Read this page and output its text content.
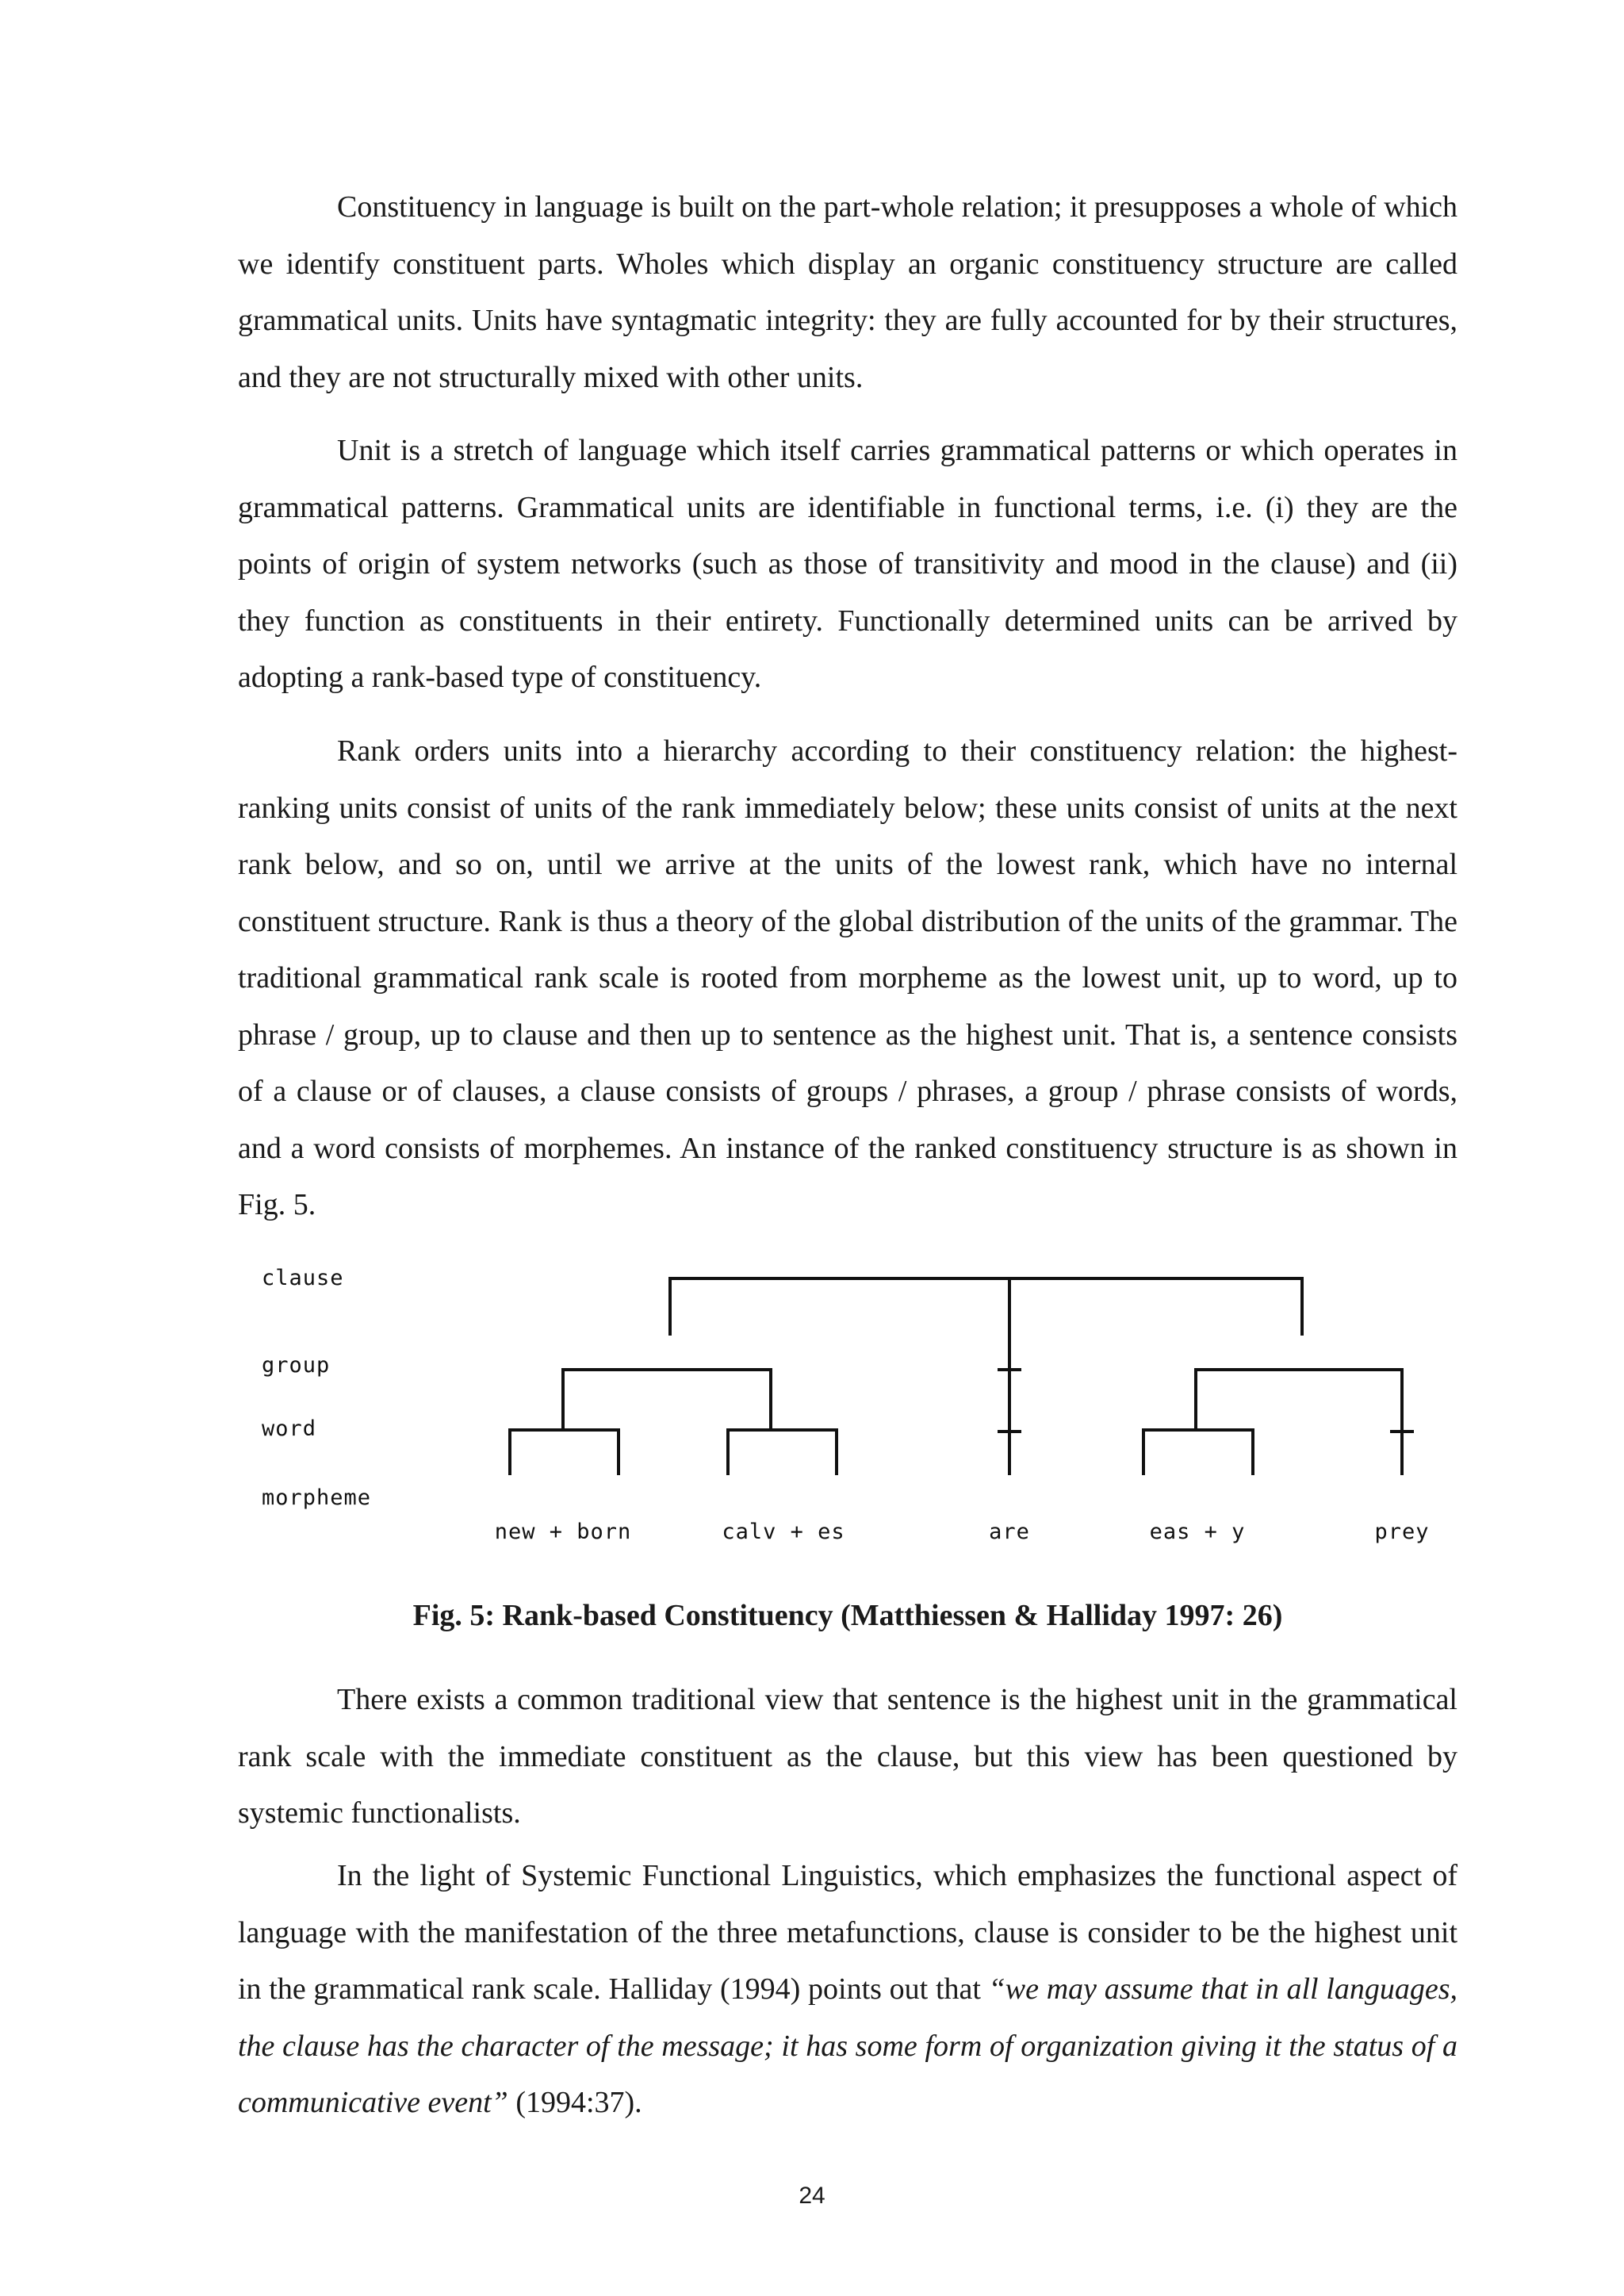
Constituency in language is built on the part-whole relation; it presupposes a whole of which we identify constituent parts. Wholes which display an organic constituency structure are called grammatical units. Units have syntagmatic integrity: they are fully accounted for by their structures, and they are not structurally mixed with other units.

Unit is a stretch of language which itself carries grammatical patterns or which operates in grammatical patterns. Grammatical units are identifiable in functional terms, i.e. (i) they are the points of origin of system networks (such as those of transitivity and mood in the clause) and (ii) they function as constituents in their entirety. Functionally determined units can be arrived by adopting a rank-based type of constituency.

Rank orders units into a hierarchy according to their constituency relation: the highest-ranking units consist of units of the rank immediately below; these units consist of units at the next rank below, and so on, until we arrive at the units of the lowest rank, which have no internal constituent structure. Rank is thus a theory of the global distribution of the units of the grammar. The traditional grammatical rank scale is rooted from morpheme as the lowest unit, up to word, up to phrase / group, up to clause and then up to sentence as the highest unit. That is, a sentence consists of a clause or of clauses, a clause consists of groups / phrases, a group / phrase consists of words, and a word consists of morphemes. An instance of the ranked constituency structure is as shown in Fig. 5.

clause
group
word
morpheme
new + born	calv + es	are	eas + y	prey

Fig. 5: Rank-based Constituency (Matthiessen & Halliday 1997: 26)

There exists a common traditional view that sentence is the highest unit in the grammatical rank scale with the immediate constituent as the clause, but this view has been questioned by systemic functionalists.

In the light of Systemic Functional Linguistics, which emphasizes the functional aspect of language with the manifestation of the three metafunctions, clause is consider to be the highest unit in the grammatical rank scale. Halliday (1994) points out that “we may assume that in all languages, the clause has the character of the message; it has some form of organization giving it the status of a communicative event” (1994:37).

24
